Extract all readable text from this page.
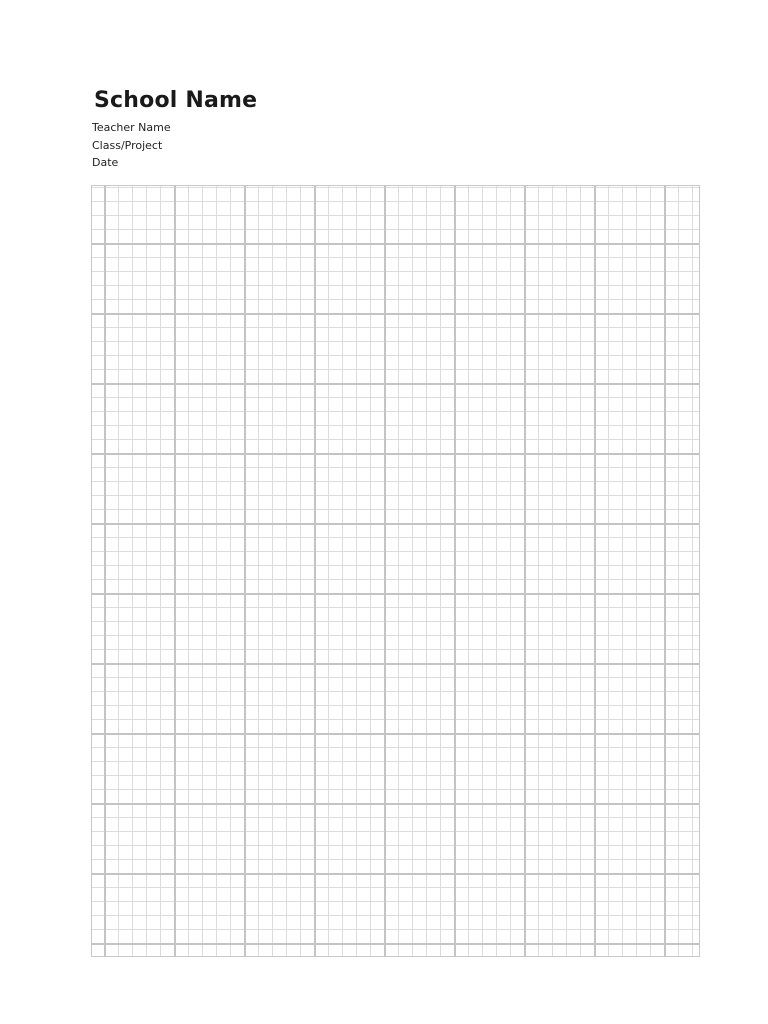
School Name
Teacher Name
Class/Project
Date
